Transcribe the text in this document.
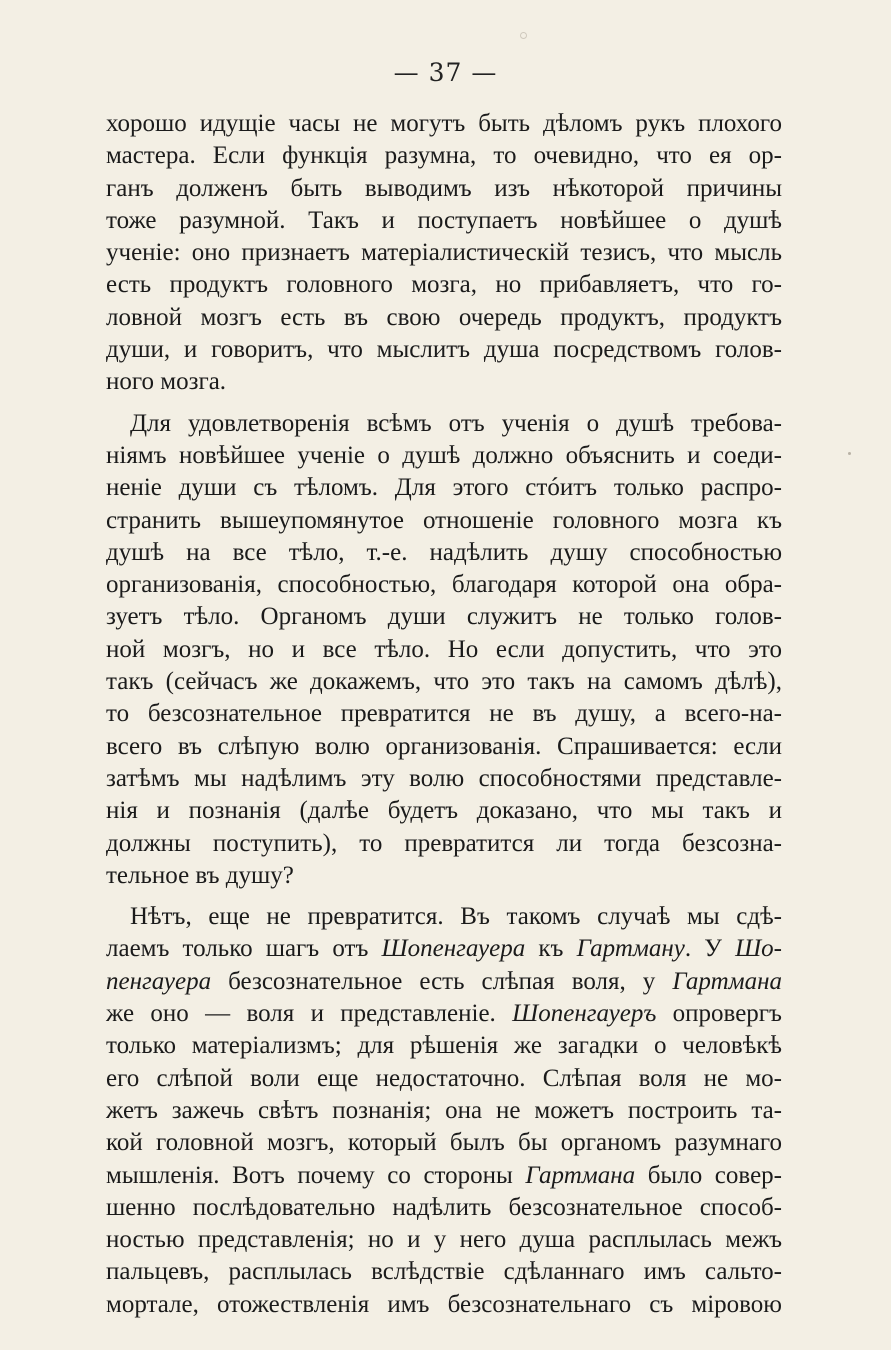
— 37 —
хорошо идущіе часы не могутъ быть дѣломъ рукъ плохого
мастера. Если функція разумна, то очевидно, что ея ор-
ганъ долженъ быть выводимъ изъ нѣкоторой причины
тоже разумной. Такъ и поступаетъ новѣйшее о душѣ
ученіе: оно признаетъ матеріалистическій тезисъ, что мысль
есть продуктъ головного мозга, но прибавляетъ, что го-
ловной мозгъ есть въ свою очередь продуктъ, продуктъ
души, и говоритъ, что мыслитъ душа посредствомъ голов-
ного мозга.
Для удовлетворенія всѣмъ отъ ученія о душѣ требова-
ніямъ новѣйшее ученіе о душѣ должно объяснить и соеди-
неніе души съ тѣломъ. Для этого стóитъ только распро-
странить вышеупомянутое отношеніе головного мозга къ
душѣ на все тѣло, т.-е. надѣлить душу способностью
организованія, способностью, благодаря которой она обра-
зуетъ тѣло. Органомъ души служитъ не только голов-
ной мозгъ, но и все тѣло. Но если допустить, что это
такъ (сейчасъ же докажемъ, что это такъ на самомъ дѣлѣ),
то безсознательное превратится не въ душу, а всего-на-
всего въ слѣпую волю организованія. Спрашивается: если
затѣмъ мы надѣлимъ эту волю способностями представле-
нія и познанія (далѣе будетъ доказано, что мы такъ и
должны поступить), то превратится ли тогда безсозна-
тельное въ душу?
Нѣтъ, еще не превратится. Въ такомъ случаѣ мы сдѣ-
лаемъ только шагъ отъ Шопенгауера къ Гартману. У Шо-
пенгауера безсознательное есть слѣпая воля, у Гартмана
же оно — воля и представленіе. Шопенгауеръ опровергъ
только матеріализмъ; для рѣшенія же загадки о человѣкѣ
его слѣпой воли еще недостаточно. Слѣпая воля не мо-
жетъ зажечь свѣтъ познанія; она не можетъ построить та-
кой головной мозгъ, который былъ бы органомъ разумнаго
мышленія. Вотъ почему со стороны Гартмана было совер-
шенно послѣдовательно надѣлить безсознательное способ-
ностью представленія; но и у него душа расплылась межъ
пальцевъ, расплылась вслѣдствіе сдѣланнаго имъ сальто-
мортале, отожествленія имъ безсознательнаго съ міровою
